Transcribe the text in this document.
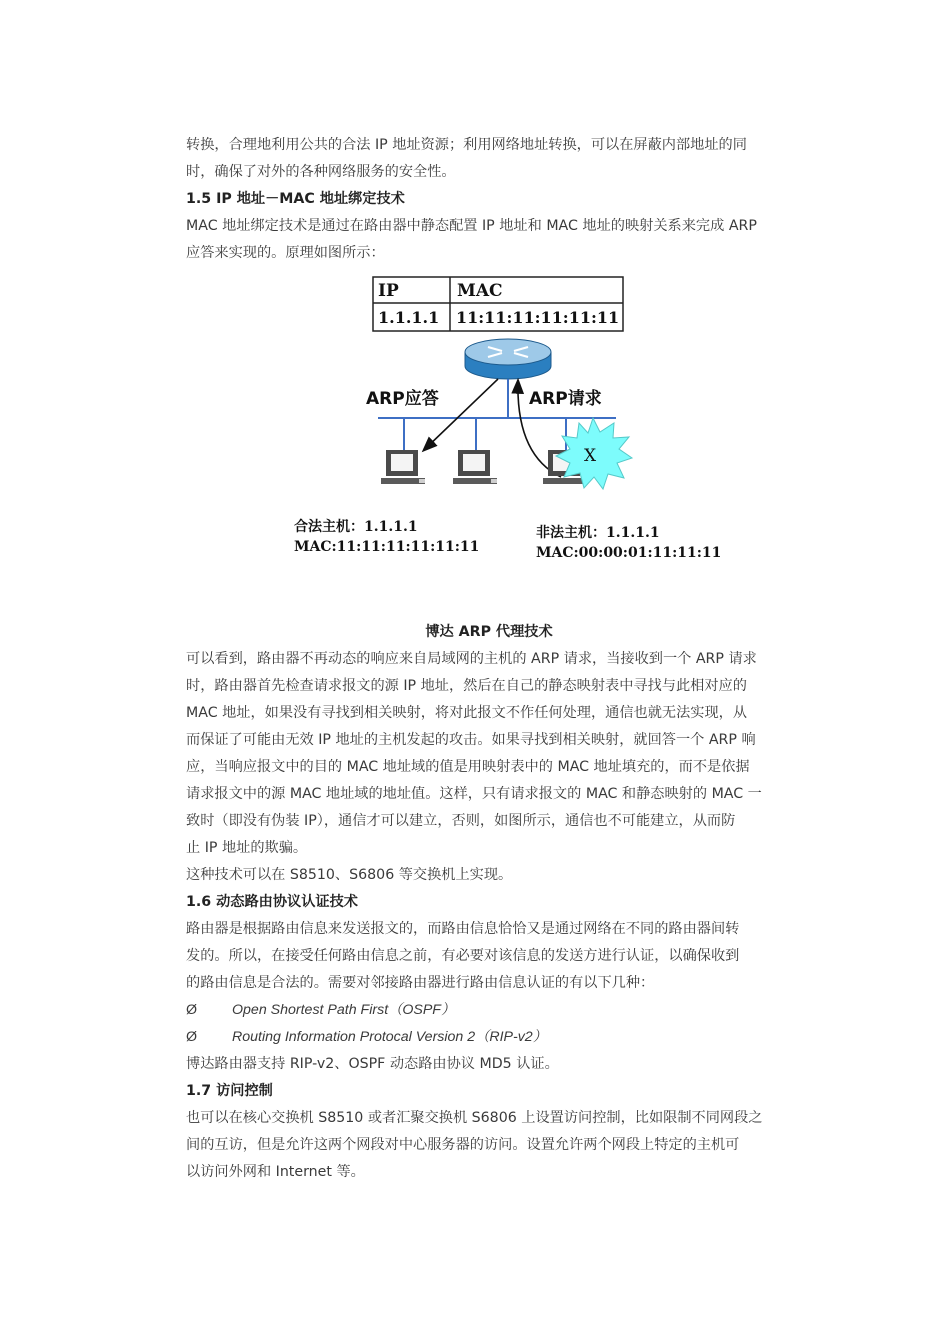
转换，合理地利用公共的合法 IP 地址资源；利用网络地址转换，可以在屏蔽内部地址的同

时，确保了对外的各种网络服务的安全性。

1.5 IP 地址－MAC 地址绑定技术

MAC 地址绑定技术是通过在路由器中静态配置 IP 地址和 MAC 地址的映射关系来完成 ARP

应答来实现的。原理如图所示：

IP	MAC
1.1.1.1 11:11:11:11:11:11
ARP应答	ARP请求
X
合法主机：1.1.1.1
MAC:11:11:11:11:11:11
非法主机：1.1.1.1
MAC:00:00:01:11:11:11
博达 ARP 代理技术

可以看到，路由器不再动态的响应来自局域网的主机的 ARP 请求，当接收到一个 ARP 请求

时，路由器首先检查请求报文的源 IP 地址，然后在自己的静态映射表中寻找与此相对应的

MAC 地址，如果没有寻找到相关映射，将对此报文不作任何处理，通信也就无法实现，从

而保证了可能由无效 IP 地址的主机发起的攻击。如果寻找到相关映射，就回答一个 ARP 响

应，当响应报文中的目的 MAC 地址域的值是用映射表中的 MAC 地址填充的，而不是依据

请求报文中的源 MAC 地址域的地址值。这样，只有请求报文的 MAC 和静态映射的 MAC 一

致时（即没有伪装 IP），通信才可以建立，否则，如图所示，通信也不可能建立，从而防

止 IP 地址的欺骗。

这种技术可以在 S8510、S6806 等交换机上实现。

1.6 动态路由协议认证技术

路由器是根据路由信息来发送报文的，而路由信息恰恰又是通过网络在不同的路由器间转

发的。所以，在接受任何路由信息之前，有必要对该信息的发送方进行认证，以确保收到

的路由信息是合法的。需要对邻接路由器进行路由信息认证的有以下几种：

Ø Open Shortest Path First（OSPF）
Ø Routing Information Protocal Version 2（RIP-v2）

博达路由器支持 RIP-v2、OSPF 动态路由协议 MD5 认证。

1.7 访问控制

也可以在核心交换机 S8510 或者汇聚交换机 S6806 上设置访问控制，比如限制不同网段之

间的互访，但是允许这两个网段对中心服务器的访问。设置允许两个网段上特定的主机可

以访问外网和 Internet 等。
